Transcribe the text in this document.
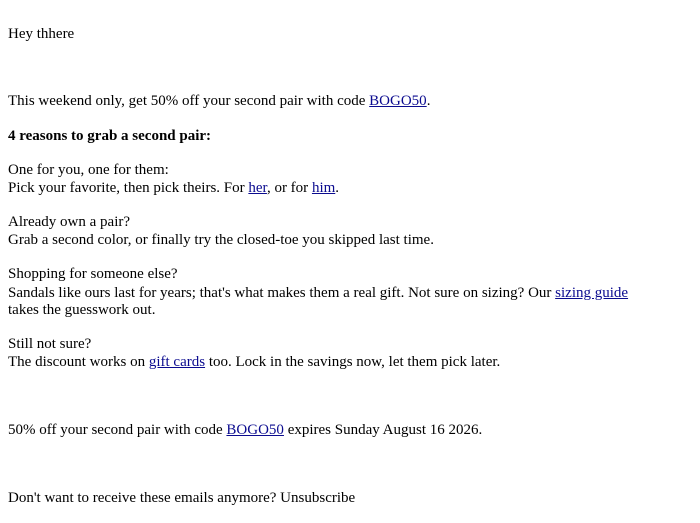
Hey thhere
This weekend only, get 50% off your second pair with code BOGO50.
4 reasons to grab a second pair:
One for you, one for them:
Pick your favorite, then pick theirs. For her, or for him.
Already own a pair?
Grab a second color, or finally try the closed-toe you skipped last time.
Shopping for someone else?
Sandals like ours last for years; that's what makes them a real gift. Not sure on sizing? Our sizing guide
takes the guesswork out.
Still not sure?
The discount works on gift cards too. Lock in the savings now, let them pick later.
50% off your second pair with code BOGO50 expires Sunday August 16 2026.
Don't want to receive these emails anymore? Unsubscribe
